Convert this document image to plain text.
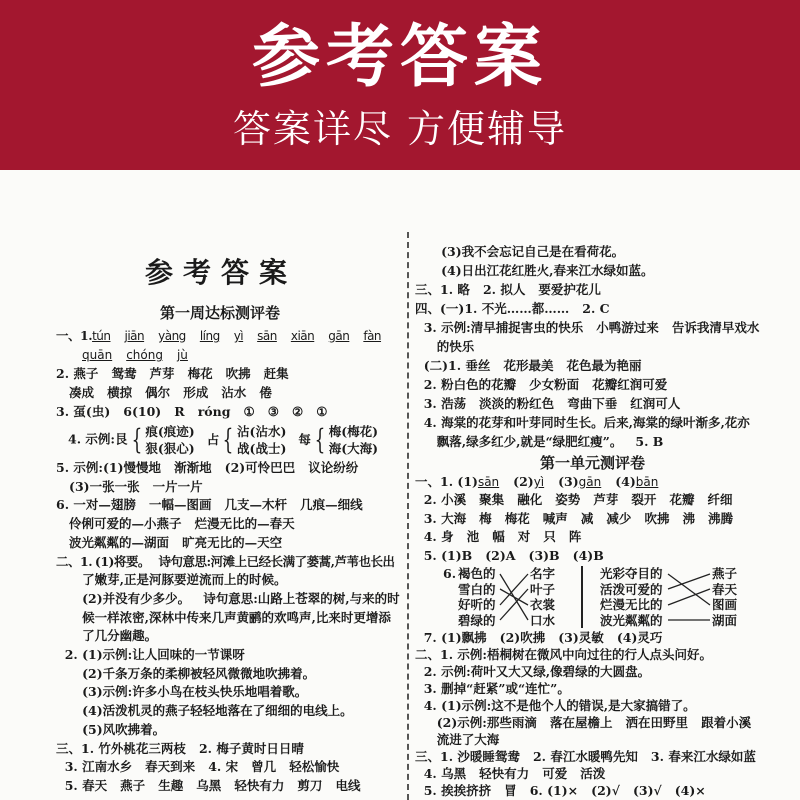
参考答案
答案详尽 方便辅导
参考答案
第一周达标测评卷
一、1.tún jiān yàng líng yì sān xiān gān fàn
quān chóng jù
2. 燕子   鸳鸯   芦芽   梅花   吹拂   赶集
凑成   横掠   偶尔   形成   沾水   倦
3. 虿(虫)   6(10)   R   róng   ①   ③   ②   ①
4. 示例:艮 { 痕(痕迹)
狠(狠心)占 { 沾(沾水)
战(战士)每 { 梅(梅花)
海(大海)
5. 示例:(1)慢慢地   渐渐地   (2)可怜巴巴   议论纷纷
(3)一张一张   一片一片
6. 一对—翅膀   一幅—图画   几支—木杆   几痕—细线
伶俐可爱的—小燕子   烂漫无比的—春天
波光粼粼的—湖面   旷亮无比的—天空
二、1. (1)将要。   诗句意思:河滩上已经长满了蒌蒿,芦苇也长出
了嫩芽,正是河豚要逆流而上的时候。
(2)并没有少多少。   诗句意思:山路上苍翠的树,与来的时
候一样浓密,深林中传来几声黄鹂的欢鸣声,比来时更增添
了几分幽趣。
2. (1)示例:让人回味的一节课呀
(2)千条万条的柔柳被轻风微微地吹拂着。
(3)示例:许多小鸟在枝头快乐地唱着歌。
(4)活泼机灵的燕子轻轻地落在了细细的电线上。
(5)风吹拂着。
三、1. 竹外桃花三两枝   2. 梅子黄时日日晴
3. 江南水乡   春天到来   4. 宋   曾几   轻松愉快
5. 春天   燕子   生趣   乌黑   轻快有力   剪刀   电线
(3)我不会忘记自己是在看荷花。
(4)日出江花红胜火,春来江水绿如蓝。
三、1. 略   2. 拟人   要爱护花儿
四、(一)1. 不光……都……   2. C
3. 示例:清早捕捉害虫的快乐   小鸭游过来   告诉我清早戏水
的快乐
(二)1. 垂丝   花形最美   花色最为艳丽
2. 粉白色的花瓣   少女粉面   花瓣红润可爱
3. 浩荡   淡淡的粉红色   弯曲下垂   红润可人
4. 海棠的花芽和叶芽同时生长。后来,海棠的绿叶渐多,花亦
飘落,绿多红少,就是“绿肥红瘦”。   5. B
第一单元测评卷
一、1. (1)sān (2)yì (3)gān (4)bān
2. 小溪   聚集   融化   姿势   芦芽   裂开   花瓣   纤细
3. 大海   梅   梅花   喊声   减   减少   吹拂   沸   沸腾
4. 身   池   幅   对   只   阵
5. (1)B   (2)A   (3)B   (4)B
6. 褐色的
雪白的
好听的
碧绿的
名字
叶子
衣裳
口水
光彩夺目的
活泼可爱的
烂漫无比的
波光粼粼的
燕子
春天
图画
湖面
7. (1)飘拂   (2)吹拂   (3)灵敏   (4)灵巧
二、1. 示例:梧桐树在微风中向过往的行人点头问好。
2. 示例:荷叶又大又绿,像碧绿的大圆盘。
3. 删掉“赶紧”或“连忙”。
4. (1)示例:这不是他个人的错误,是大家搞错了。
(2)示例:那些雨滴   落在屋檐上   洒在田野里   跟着小溪
流进了大海
三、1. 沙暖睡鸳鸯   2. 春江水暖鸭先知   3. 春来江水绿如蓝
4. 乌黑   轻快有力   可爱   活泼
5. 挨挨挤挤   冒   6. (1)×   (2)√   (3)√   (4)×
